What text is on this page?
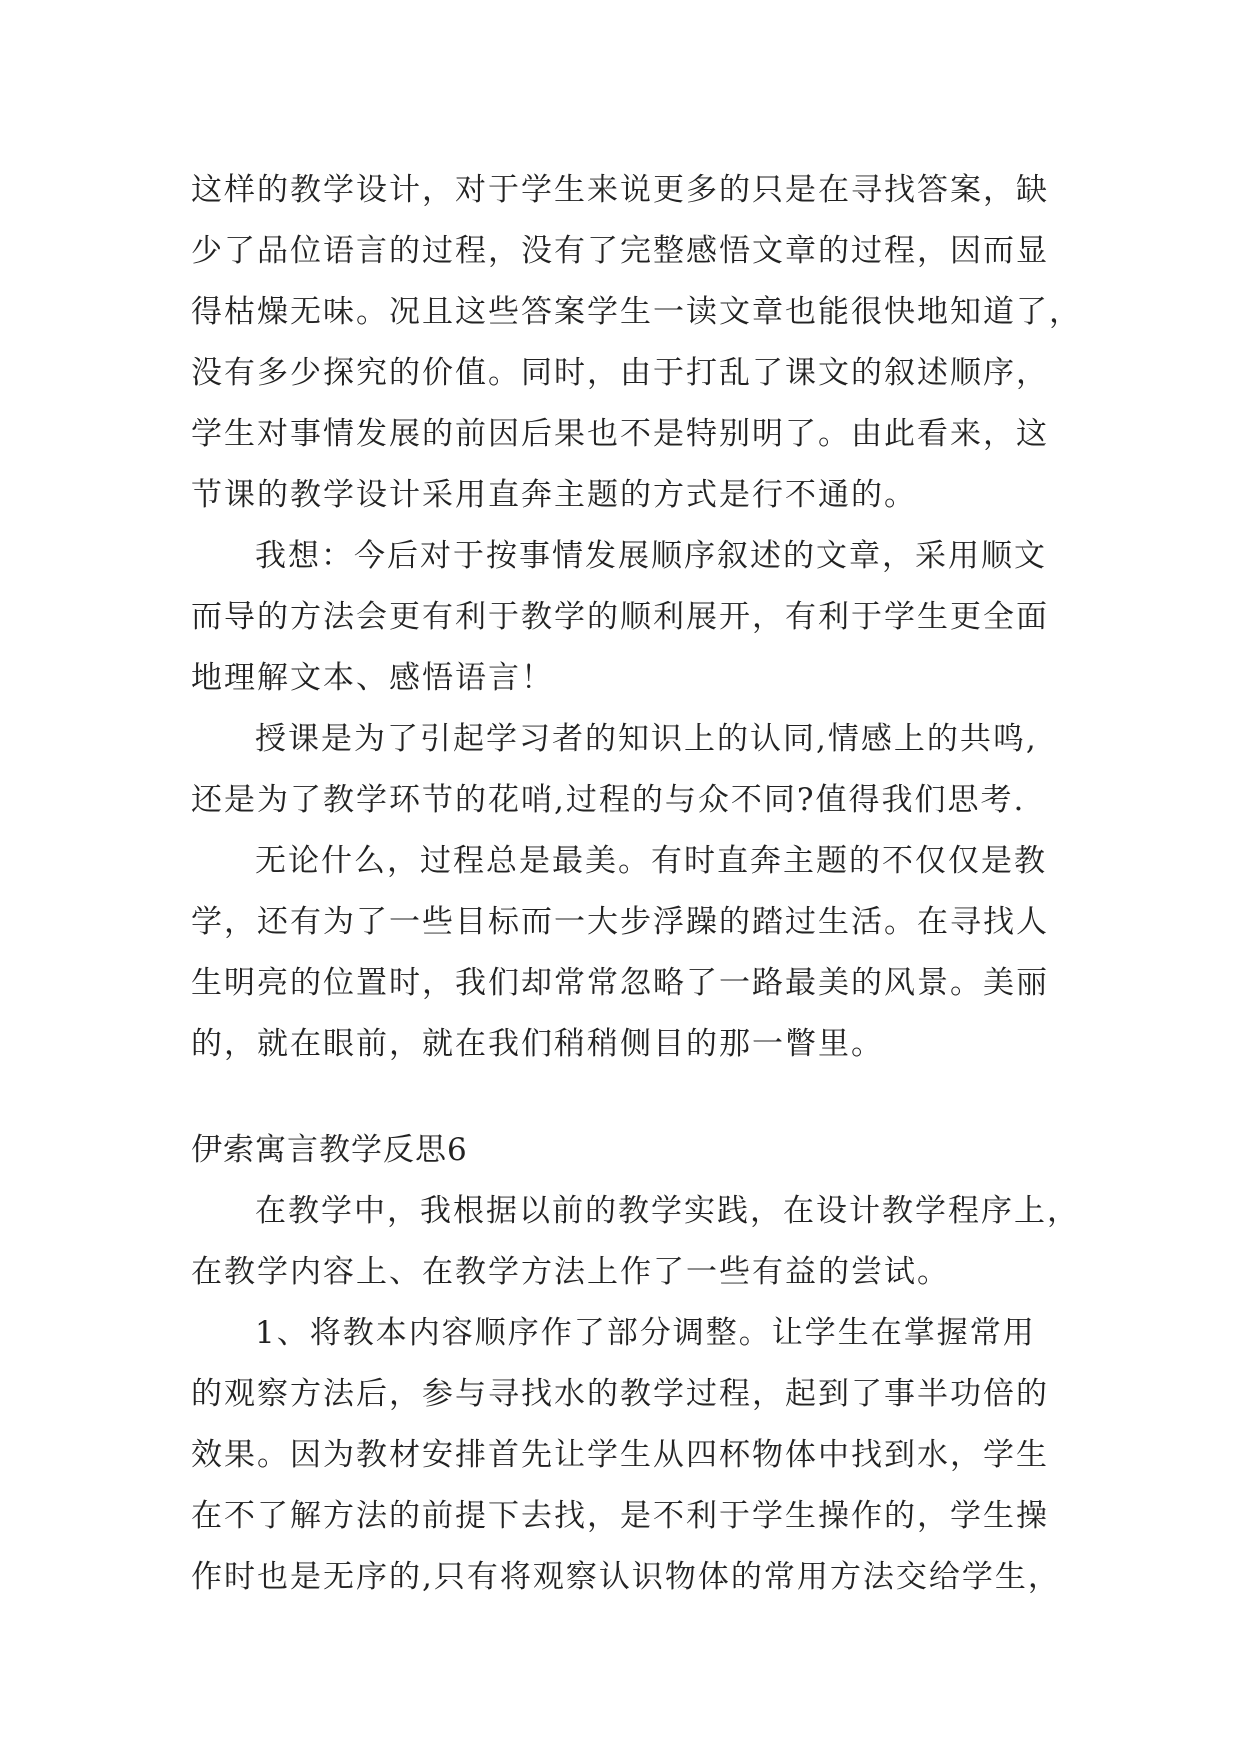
这样的教学设计，对于学生来说更多的只是在寻找答案，缺
少了品位语言的过程，没有了完整感悟文章的过程，因而显
得枯燥无味。况且这些答案学生一读文章也能很快地知道了，
没有多少探究的价值。同时，由于打乱了课文的叙述顺序，
学生对事情发展的前因后果也不是特别明了。由此看来，这
节课的教学设计采用直奔主题的方式是行不通的。
我想：今后对于按事情发展顺序叙述的文章，采用顺文
而导的方法会更有利于教学的顺利展开，有利于学生更全面
地理解文本、感悟语言！
授课是为了引起学习者的知识上的认同,情感上的共鸣,
还是为了教学环节的花哨,过程的与众不同?值得我们思考.
无论什么，过程总是最美。有时直奔主题的不仅仅是教
学，还有为了一些目标而一大步浮躁的踏过生活。在寻找人
生明亮的位置时，我们却常常忽略了一路最美的风景。美丽
的，就在眼前，就在我们稍稍侧目的那一瞥里。
伊索寓言教学反思6
在教学中，我根据以前的教学实践，在设计教学程序上，
在教学内容上、在教学方法上作了一些有益的尝试。
1、将教本内容顺序作了部分调整。让学生在掌握常用
的观察方法后，参与寻找水的教学过程，起到了事半功倍的
效果。因为教材安排首先让学生从四杯物体中找到水，学生
在不了解方法的前提下去找，是不利于学生操作的，学生操
作时也是无序的,只有将观察认识物体的常用方法交给学生，
